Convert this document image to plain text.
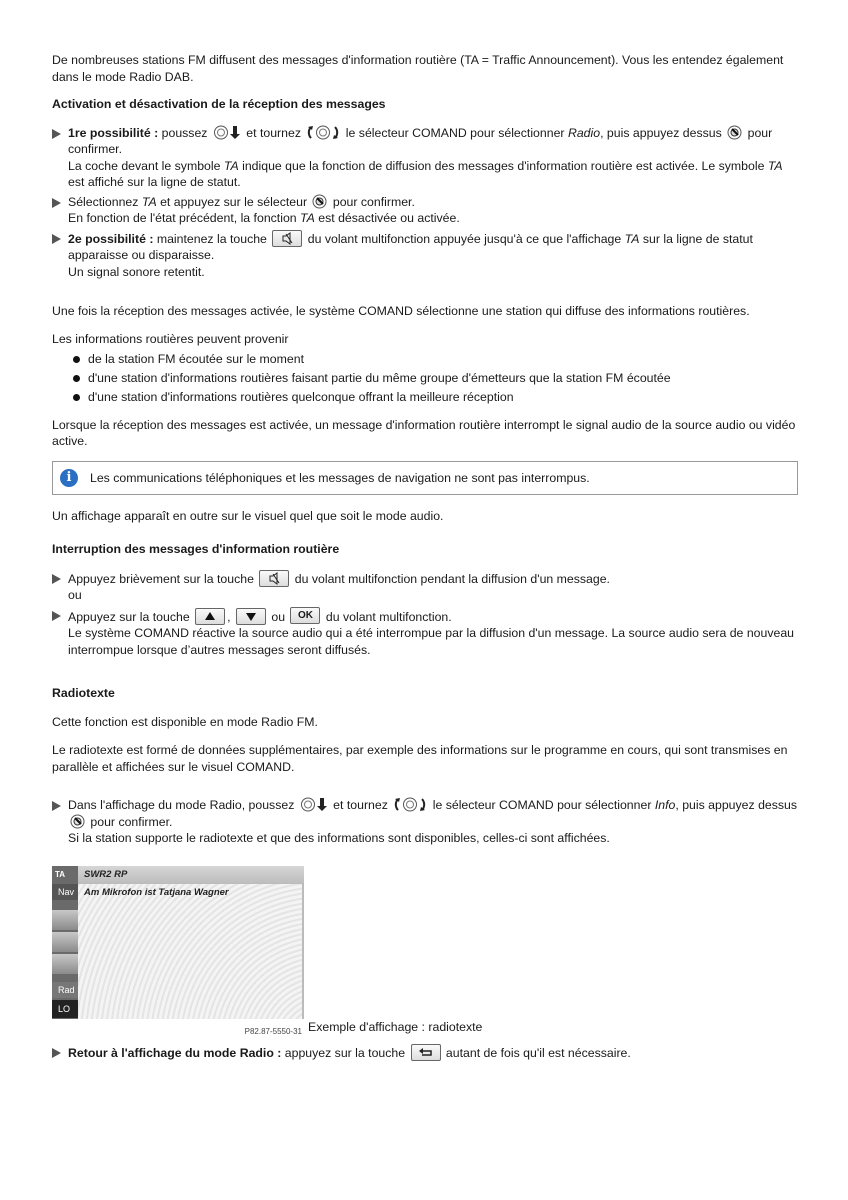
De nombreuses stations FM diffusent des messages d'information routière (TA = Traffic Announcement). Vous les entendez également dans le mode Radio DAB.

Activation et désactivation de la réception des messages

1re possibilité : poussez	et tournez	le sélecteur COMAND pour sélectionner Radio, puis appuyez dessus  pour confirmer.
La coche devant le symbole TA indique que la fonction de diffusion des messages d'information routière est activée. Le symbole TA est affiché sur la ligne de statut.
Sélectionnez TA et appuyez sur le sélecteur  pour confirmer.
En fonction de l'état précédent, la fonction TA est désactivée ou activée.
2e possibilité : maintenez la touche	du volant multifonction appuyée jusqu'à ce que l'affichage TA sur la ligne de statut apparaisse ou disparaisse.
Un signal sonore retentit.

Une fois la réception des messages activée, le système COMAND sélectionne une station qui diffuse des informations routières.

Les informations routières peuvent provenir

de la station FM écoutée sur le moment
d'une station d'informations routières faisant partie du même groupe d'émetteurs que la station FM écoutée
d'une station d'informations routières quelconque offrant la meilleure réception

Lorsque la réception des messages est activée, un message d'information routière interrompt le signal audio de la source audio ou vidéo active.

i	Les communications téléphoniques et les messages de navigation ne sont pas interrompus.

Un affichage apparaît en outre sur le visuel quel que soit le mode audio.

Interruption des messages d'information routière

Appuyez brièvement sur la touche	du volant multifonction pendant la diffusion d'un message.
ou
Appuyez sur la touche	,	ou OK du volant multifonction.
Le système COMAND réactive la source audio qui a été interrompue par la diffusion d'un message. La source audio sera de nouveau interrompue lorsque d’autres messages seront diffusés.

Radiotexte

Cette fonction est disponible en mode Radio FM.

Le radiotexte est formé de données supplémentaires, par exemple des informations sur le programme en cours, qui sont transmises en parallèle et affichées sur le visuel COMAND.

Dans l'affichage du mode Radio, poussez	et tournez	le sélecteur COMAND pour sélectionner Info, puis appuyez dessus  pour confirmer.
Si la station supporte le radiotexte et que des informations sont disponibles, celles-ci sont affichées.
TA SWR2 RP
Nav	Am Mikrofon ist Tatjana Wagner
Rad
LO
P82.87-5550-31 Exemple d'affichage : radiotexte
Retour à l'affichage du mode Radio : appuyez sur la touche	autant de fois qu'il est nécessaire.
